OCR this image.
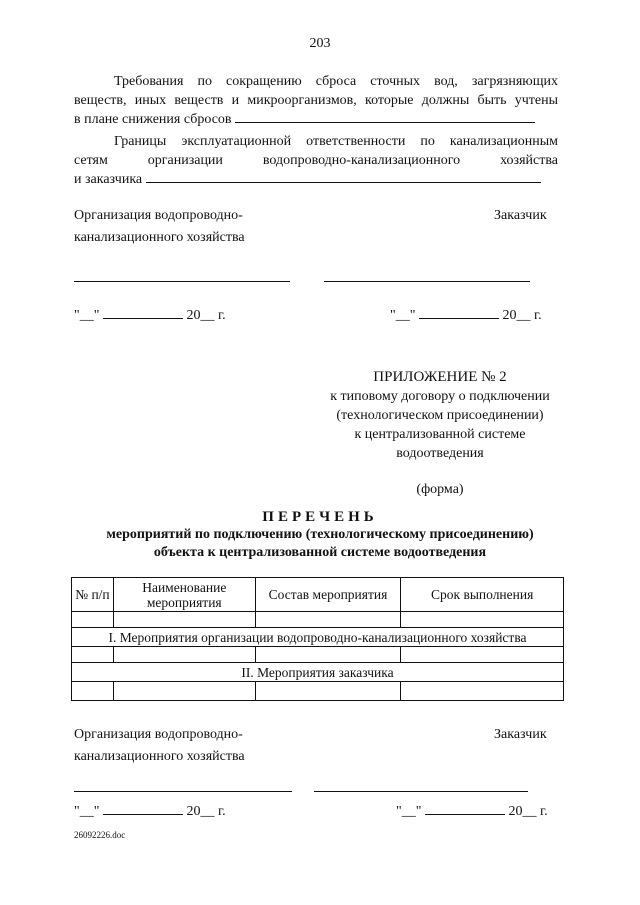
203

Требования по сокращению сброса сточных вод, загрязняющих

веществ, иных веществ и микроорганизмов, которые должны быть учтены

в плане снижения сбросов

Границы эксплуатационной ответственности по канализационным

сетям организации водопроводно-канализационного хозяйства

и заказчика

Организация водопроводно-
канализационного хозяйства
Заказчик
"__"	20__ г.	"__"	20__ г.
ПРИЛОЖЕНИЕ № 2
к типовому договору о подключении
(технологическом присоединении)
к централизованной системе
водоотведения
(форма)
ПЕРЕЧЕНЬ
мероприятий по подключению (технологическому присоединению)
объекта к централизованной системе водоотведения
№ п/п	Наименование мероприятия	Состав мероприятия	Срок выполнения

I. Мероприятия организации водопроводно-канализационного хозяйства			

II. Мероприятия заказчика			

Организация водопроводно-
канализационного хозяйства
Заказчик
"__"	20__ г.	"__"	20__ г.
26092226.doc
